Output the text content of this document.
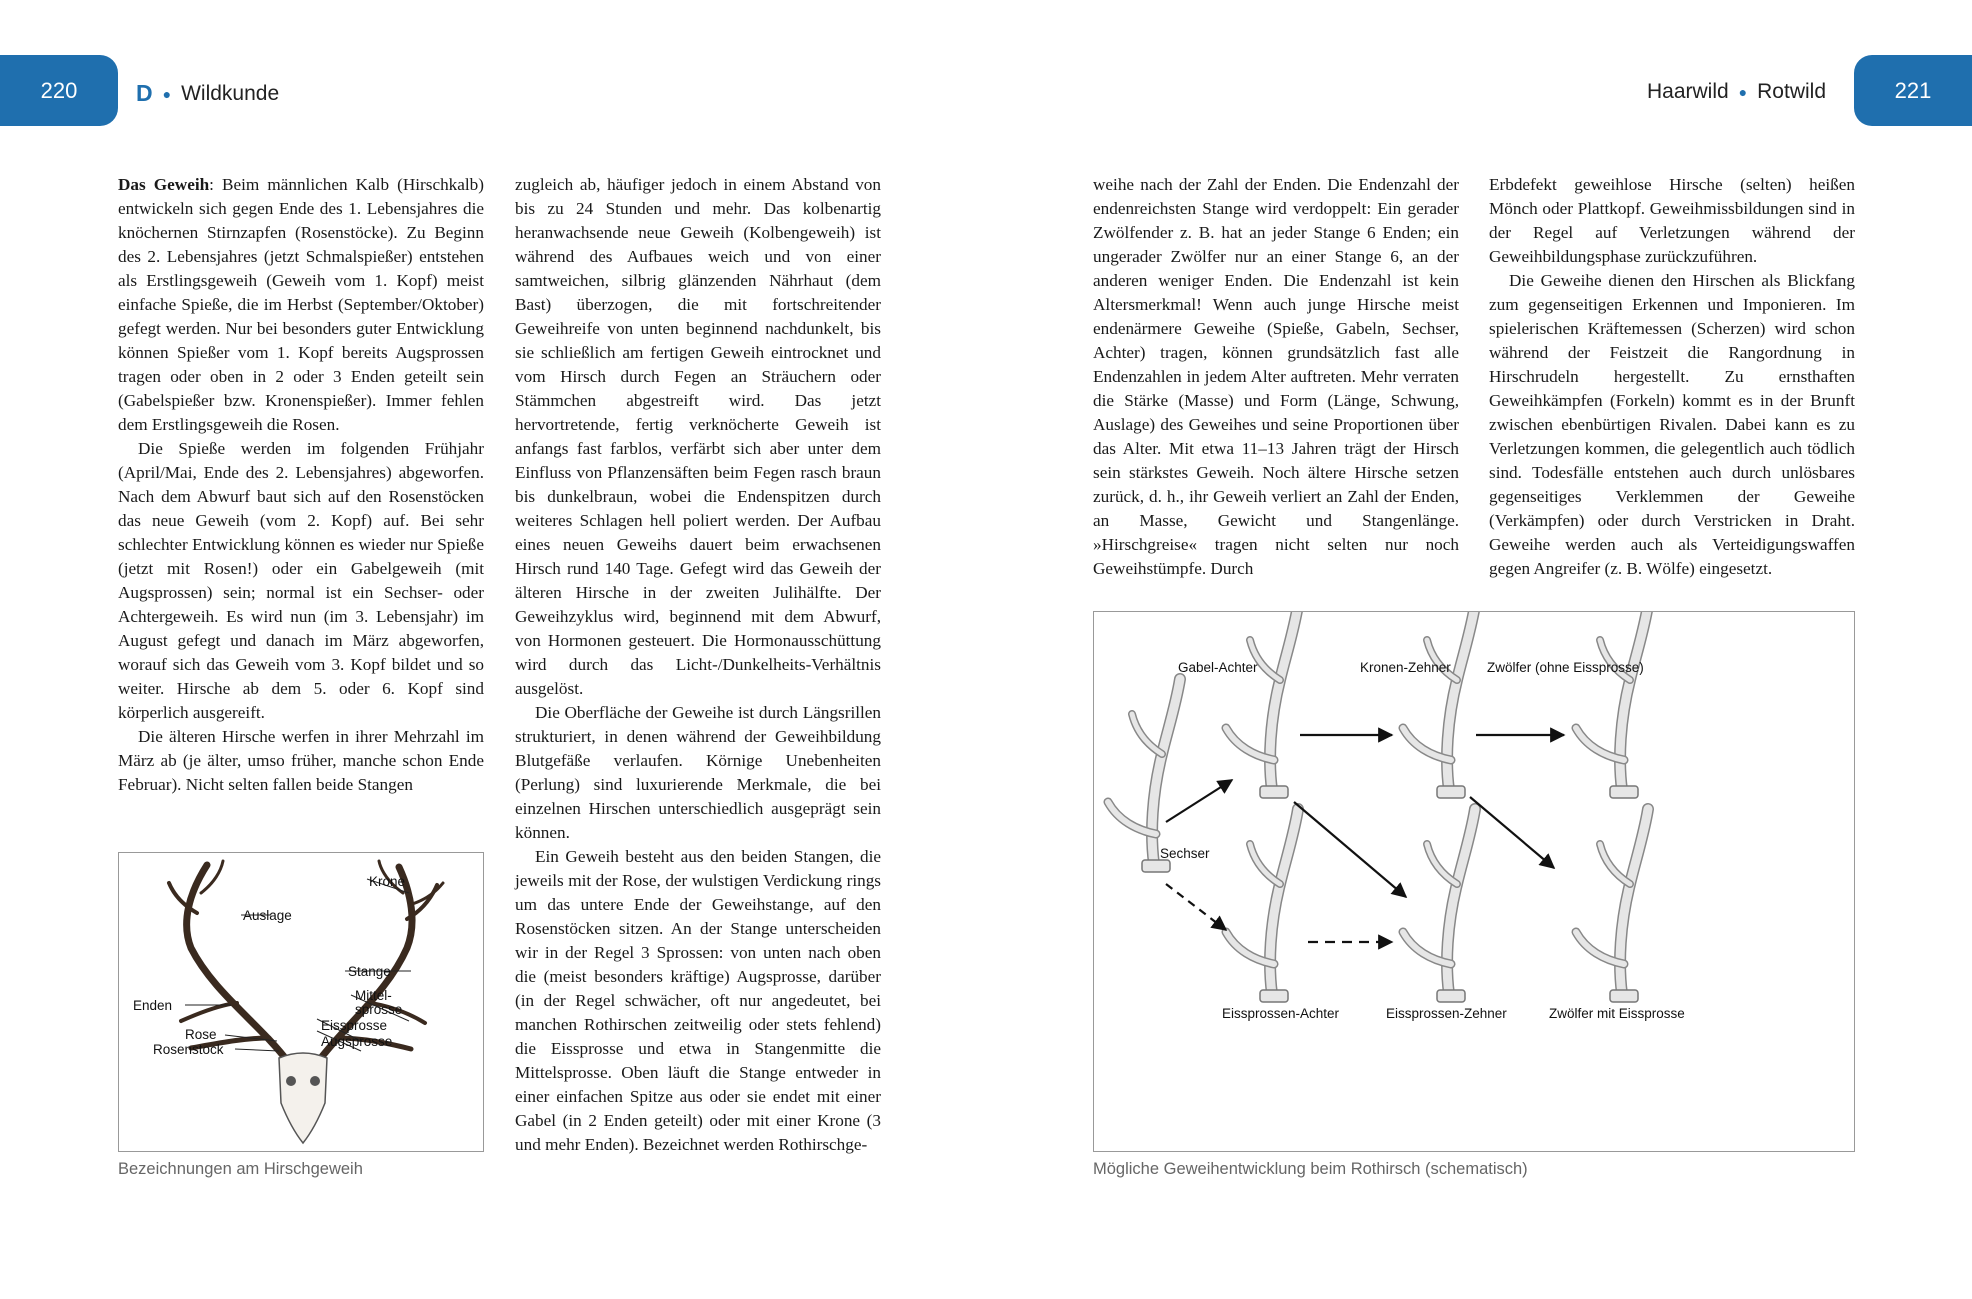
220	D ● Wildkunde	Haarwild ● Rotwild	221

Das Geweih: Beim männlichen Kalb (Hirschkalb) entwickeln sich gegen Ende des 1. Lebensjahres die knöchernen Stirnzapfen (Rosenstöcke). Zu Beginn des 2. Lebensjahres (jetzt Schmalspießer) entstehen als Erstlingsgeweih (Geweih vom 1. Kopf) meist einfache Spieße, die im Herbst (September/Oktober) gefegt werden. Nur bei besonders guter Entwicklung können Spießer vom 1. Kopf bereits Augsprossen tragen oder oben in 2 oder 3 Enden geteilt sein (Gabelspießer bzw. Kronenspießer). Immer fehlen dem Erstlingsgeweih die Rosen.

Die Spieße werden im folgenden Frühjahr (April/Mai, Ende des 2. Lebensjahres) abgeworfen. Nach dem Abwurf baut sich auf den Rosenstöcken das neue Geweih (vom 2. Kopf) auf. Bei sehr schlechter Entwicklung können es wieder nur Spieße (jetzt mit Rosen!) oder ein Gabelgeweih (mit Augsprossen) sein; normal ist ein Sechser- oder Achtergeweih. Es wird nun (im 3. Lebensjahr) im August gefegt und danach im März abgeworfen, worauf sich das Geweih vom 3. Kopf bildet und so weiter. Hirsche ab dem 5. oder 6. Kopf sind körperlich ausgereift.

Die älteren Hirsche werfen in ihrer Mehrzahl im März ab (je älter, umso früher, manche schon Ende Februar). Nicht selten fallen beide Stangen

zugleich ab, häufiger jedoch in einem Abstand von bis zu 24 Stunden und mehr. Das kolbenartig heranwachsende neue Geweih (Kolbengeweih) ist während des Aufbaues weich und von einer samtweichen, silbrig glänzenden Nährhaut (dem Bast) überzogen, die mit fortschreitender Geweihreife von unten beginnend nachdunkelt, bis sie schließlich am fertigen Geweih eintrocknet und vom Hirsch durch Fegen an Sträuchern oder Stämmchen abgestreift wird. Das jetzt hervortretende, fertig verknöcherte Geweih ist anfangs fast farblos, verfärbt sich aber unter dem Einfluss von Pflanzensäften beim Fegen rasch braun bis dunkelbraun, wobei die Endenspitzen durch weiteres Schlagen hell poliert werden. Der Aufbau eines neuen Geweihs dauert beim erwachsenen Hirsch rund 140 Tage. Gefegt wird das Geweih der älteren Hirsche in der zweiten Julihälfte. Der Geweihzyklus wird, beginnend mit dem Abwurf, von Hormonen gesteuert. Die Hormonausschüttung wird durch das Licht-/Dunkelheits-Verhältnis ausgelöst.

Die Oberfläche der Geweihe ist durch Längsrillen strukturiert, in denen während der Geweihbildung Blutgefäße verlaufen. Körnige Unebenheiten (Perlung) sind luxurierende Merkmale, die bei einzelnen Hirschen unterschiedlich ausgeprägt sein können.

Ein Geweih besteht aus den beiden Stangen, die jeweils mit der Rose, der wulstigen Verdickung rings um das untere Ende der Geweihstange, auf den Rosenstöcken sitzen. An der Stange unterscheiden wir in der Regel 3 Sprossen: von unten nach oben die (meist besonders kräftige) Augsprosse, darüber (in der Regel schwächer, oft nur angedeutet, bei manchen Rothirschen zeitweilig oder stets fehlend) die Eissprosse und etwa in Stangenmitte die Mittelsprosse. Oben läuft die Stange entweder in einer einfachen Spitze aus oder sie endet mit einer Gabel (in 2 Enden geteilt) oder mit einer Krone (3 und mehr Enden). Bezeichnet werden Rothirschge-

weihe nach der Zahl der Enden. Die Endenzahl der endenreichsten Stange wird verdoppelt: Ein gerader Zwölfender z. B. hat an jeder Stange 6 Enden; ein ungerader Zwölfer nur an einer Stange 6, an der anderen weniger Enden. Die Endenzahl ist kein Altersmerkmal! Wenn auch junge Hirsche meist endenärmere Geweihe (Spieße, Gabeln, Sechser, Achter) tragen, können grundsätzlich fast alle Endenzahlen in jedem Alter auftreten. Mehr verraten die Stärke (Masse) und Form (Länge, Schwung, Auslage) des Geweihes und seine Proportionen über das Alter. Mit etwa 11–13 Jahren trägt der Hirsch sein stärkstes Geweih. Noch ältere Hirsche setzen zurück, d. h., ihr Geweih verliert an Zahl der Enden, an Masse, Gewicht und Stangenlänge. »Hirschgreise« tragen nicht selten nur noch Geweihstümpfe. Durch

Erbdefekt geweihlose Hirsche (selten) heißen Mönch oder Plattkopf. Geweihmissbildungen sind in der Regel auf Verletzungen während der Geweihbildungsphase zurückzuführen.

Die Geweihe dienen den Hirschen als Blickfang zum gegenseitigen Erkennen und Imponieren. Im spielerischen Kräftemessen (Scherzen) wird schon während der Feistzeit die Rangordnung in Hirschrudeln hergestellt. Zu ernsthaften Geweihkämpfen (Forkeln) kommt es in der Brunft zwischen ebenbürtigen Rivalen. Dabei kann es zu Verletzungen kommen, die gelegentlich auch tödlich sind. Todesfälle entstehen auch durch unlösbares gegenseitiges Verklemmen der Geweihe (Verkämpfen) oder durch Verstricken in Draht. Geweihe werden auch als Verteidigungswaffen gegen Angreifer (z. B. Wölfe) eingesetzt.

Krone
Auslage
Stange
Enden
Mittel-
sprosse
Eissprosse
Augsprosse
Rose
Rosenstock
Bezeichnungen am Hirschgeweih
Gabel-Achter	Kronen-Zehner	Zwölfer (ohne Eissprosse)
Sechser
Eissprossen-Achter	Eissprossen-Zehner	Zwölfer mit Eissprosse
Mögliche Geweihentwicklung beim Rothirsch (schematisch)
